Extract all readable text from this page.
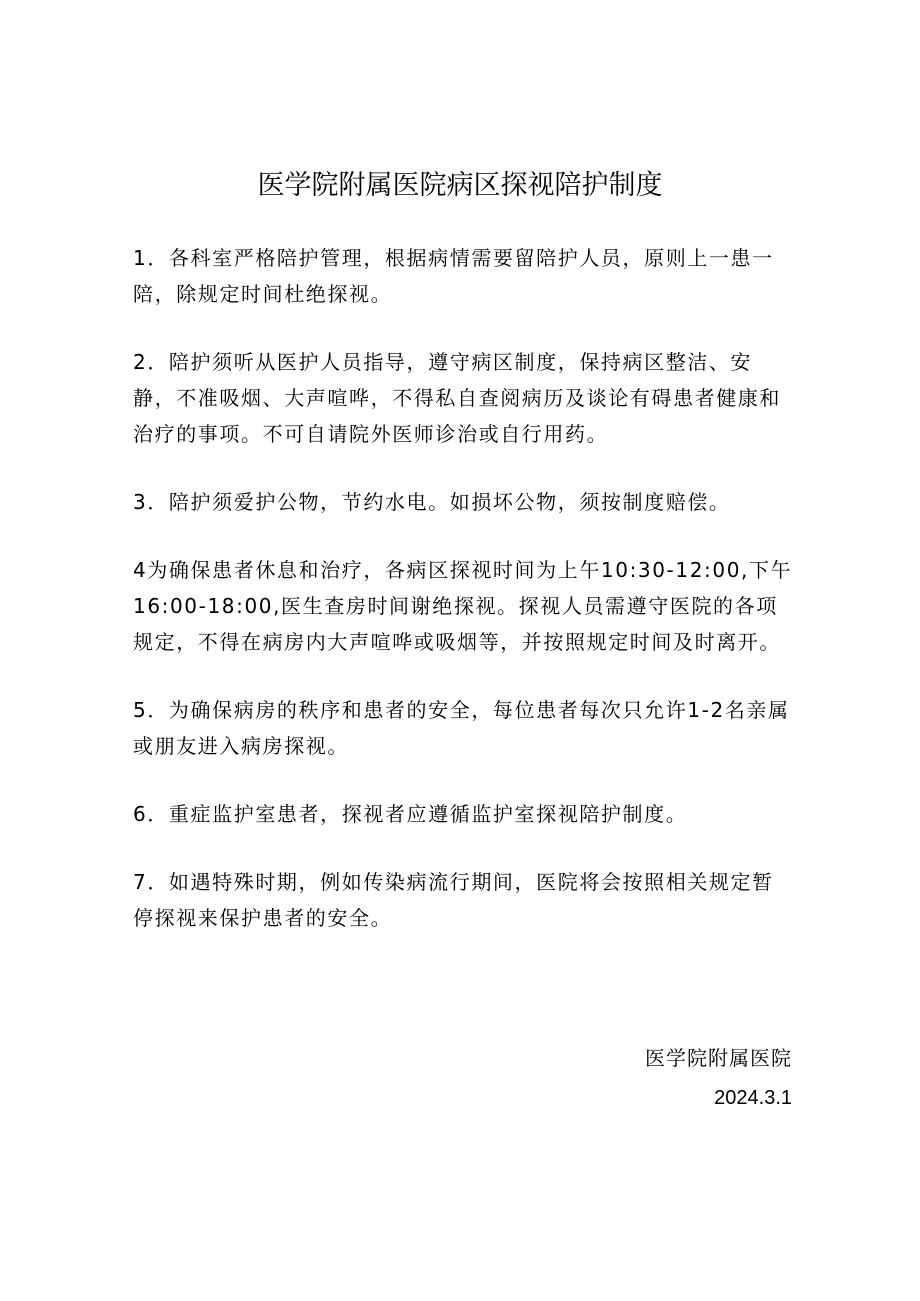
医学院附属医院病区探视陪护制度

1．各科室严格陪护管理，根据病情需要留陪护人员，原则上一患一陪，除规定时间杜绝探视。

2．陪护须听从医护人员指导，遵守病区制度，保持病区整洁、安静，不准吸烟、大声喧哗，不得私自查阅病历及谈论有碍患者健康和治疗的事项。不可自请院外医师诊治或自行用药。

3．陪护须爱护公物，节约水电。如损坏公物，须按制度赔偿。

4为确保患者休息和治疗，各病区探视时间为上午10:30-12:00,下午16:00-18:00,医生查房时间谢绝探视。探视人员需遵守医院的各项规定，不得在病房内大声喧哗或吸烟等，并按照规定时间及时离开。

5．为确保病房的秩序和患者的安全，每位患者每次只允许1-2名亲属或朋友进入病房探视。

6．重症监护室患者，探视者应遵循监护室探视陪护制度。

7．如遇特殊时期，例如传染病流行期间，医院将会按照相关规定暂停探视来保护患者的安全。

医学院附属医院
2024.3.1
